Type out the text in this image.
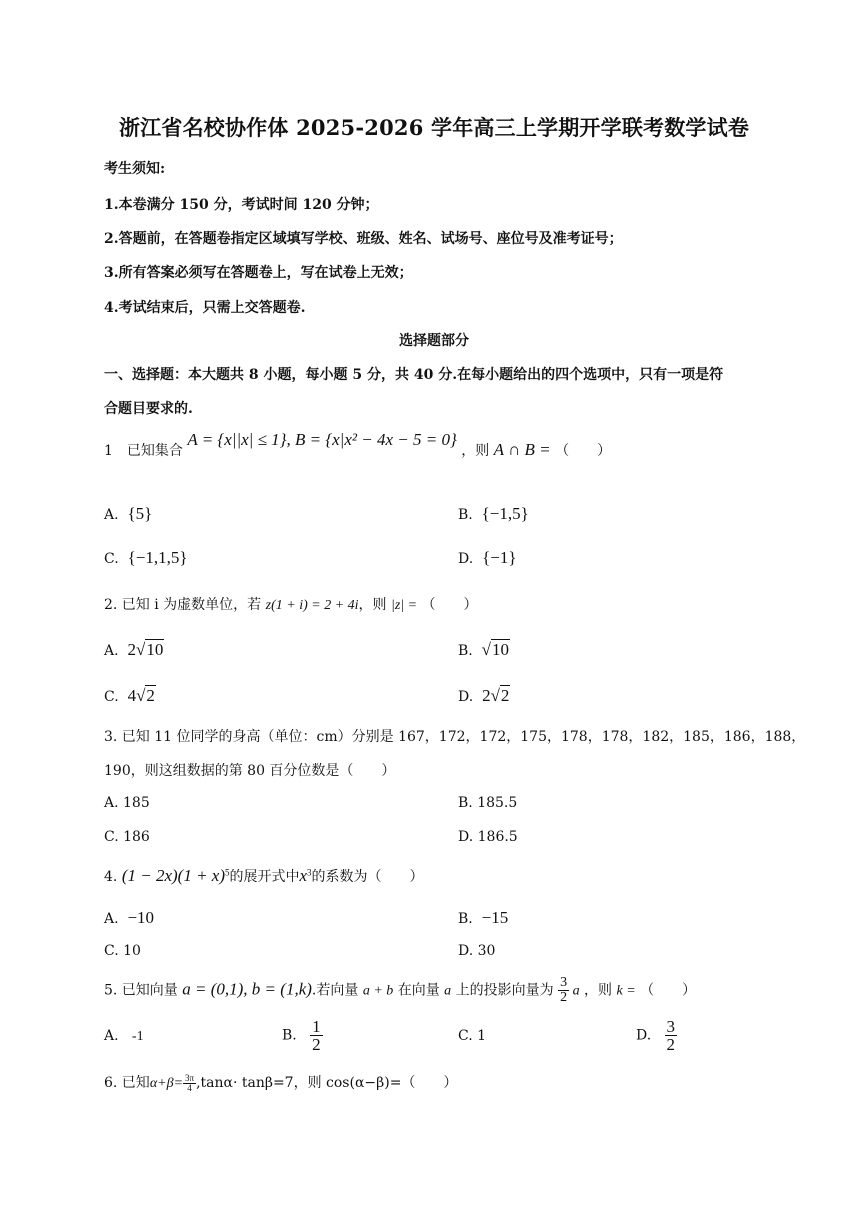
浙江省名校协作体 2025-2026 学年高三上学期开学联考数学试卷
考生须知:
1.本卷满分 150 分，考试时间 120 分钟；
2.答题前，在答题卷指定区域填写学校、班级、姓名、试场号、座位号及准考证号；
3.所有答案必须写在答题卷上，写在试卷上无效；
4.考试结束后，只需上交答题卷.
选择题部分
一、选择题：本大题共 8 小题，每小题 5 分，共 40 分.在每小题给出的四个选项中，只有一项是符
合题目要求的.
1　已知集合 A = {x||x| ≤ 1}, B = {x|x² − 4x − 5 = 0} ，则 A ∩ B = （　　）
A.  {5}	B.  {−1,5}
C.  {−1,1,5}	D.  {−1}
2. 已知 i 为虚数单位，若 z(1 + i) = 2 + 4i，则 |z| = （　　）
A.  2√10	B.  √10
C.  4√2	D.  2√2
3. 已知 11 位同学的身高（单位：cm）分别是 167，172，172，175，178，178，182，185，186，188，
190，则这组数据的第 80 百分位数是（　　）
A. 185	B. 185.5
C. 186	D. 186.5
4. $(1 - 2x)(1 + x)^5$的展开式中$x^3$的系数为（　　）
A.  −10	B.  −15
C. 10	D. 30
5. 已知向量 a = (0,1), b = (1,k).若向量 a + b 在向量 a 上的投影向量为 $\frac{3}{2}$ a ，则 k = （　　）
A.   -1	B. $\frac{1}{2}$	C. 1	D. $\frac{3}{2}$
6. 已知$\alpha+\beta= \frac{3\pi}{4} ,\tan\alpha\cdot \tan\beta=7$，则 cos(α−β)=（　　）
